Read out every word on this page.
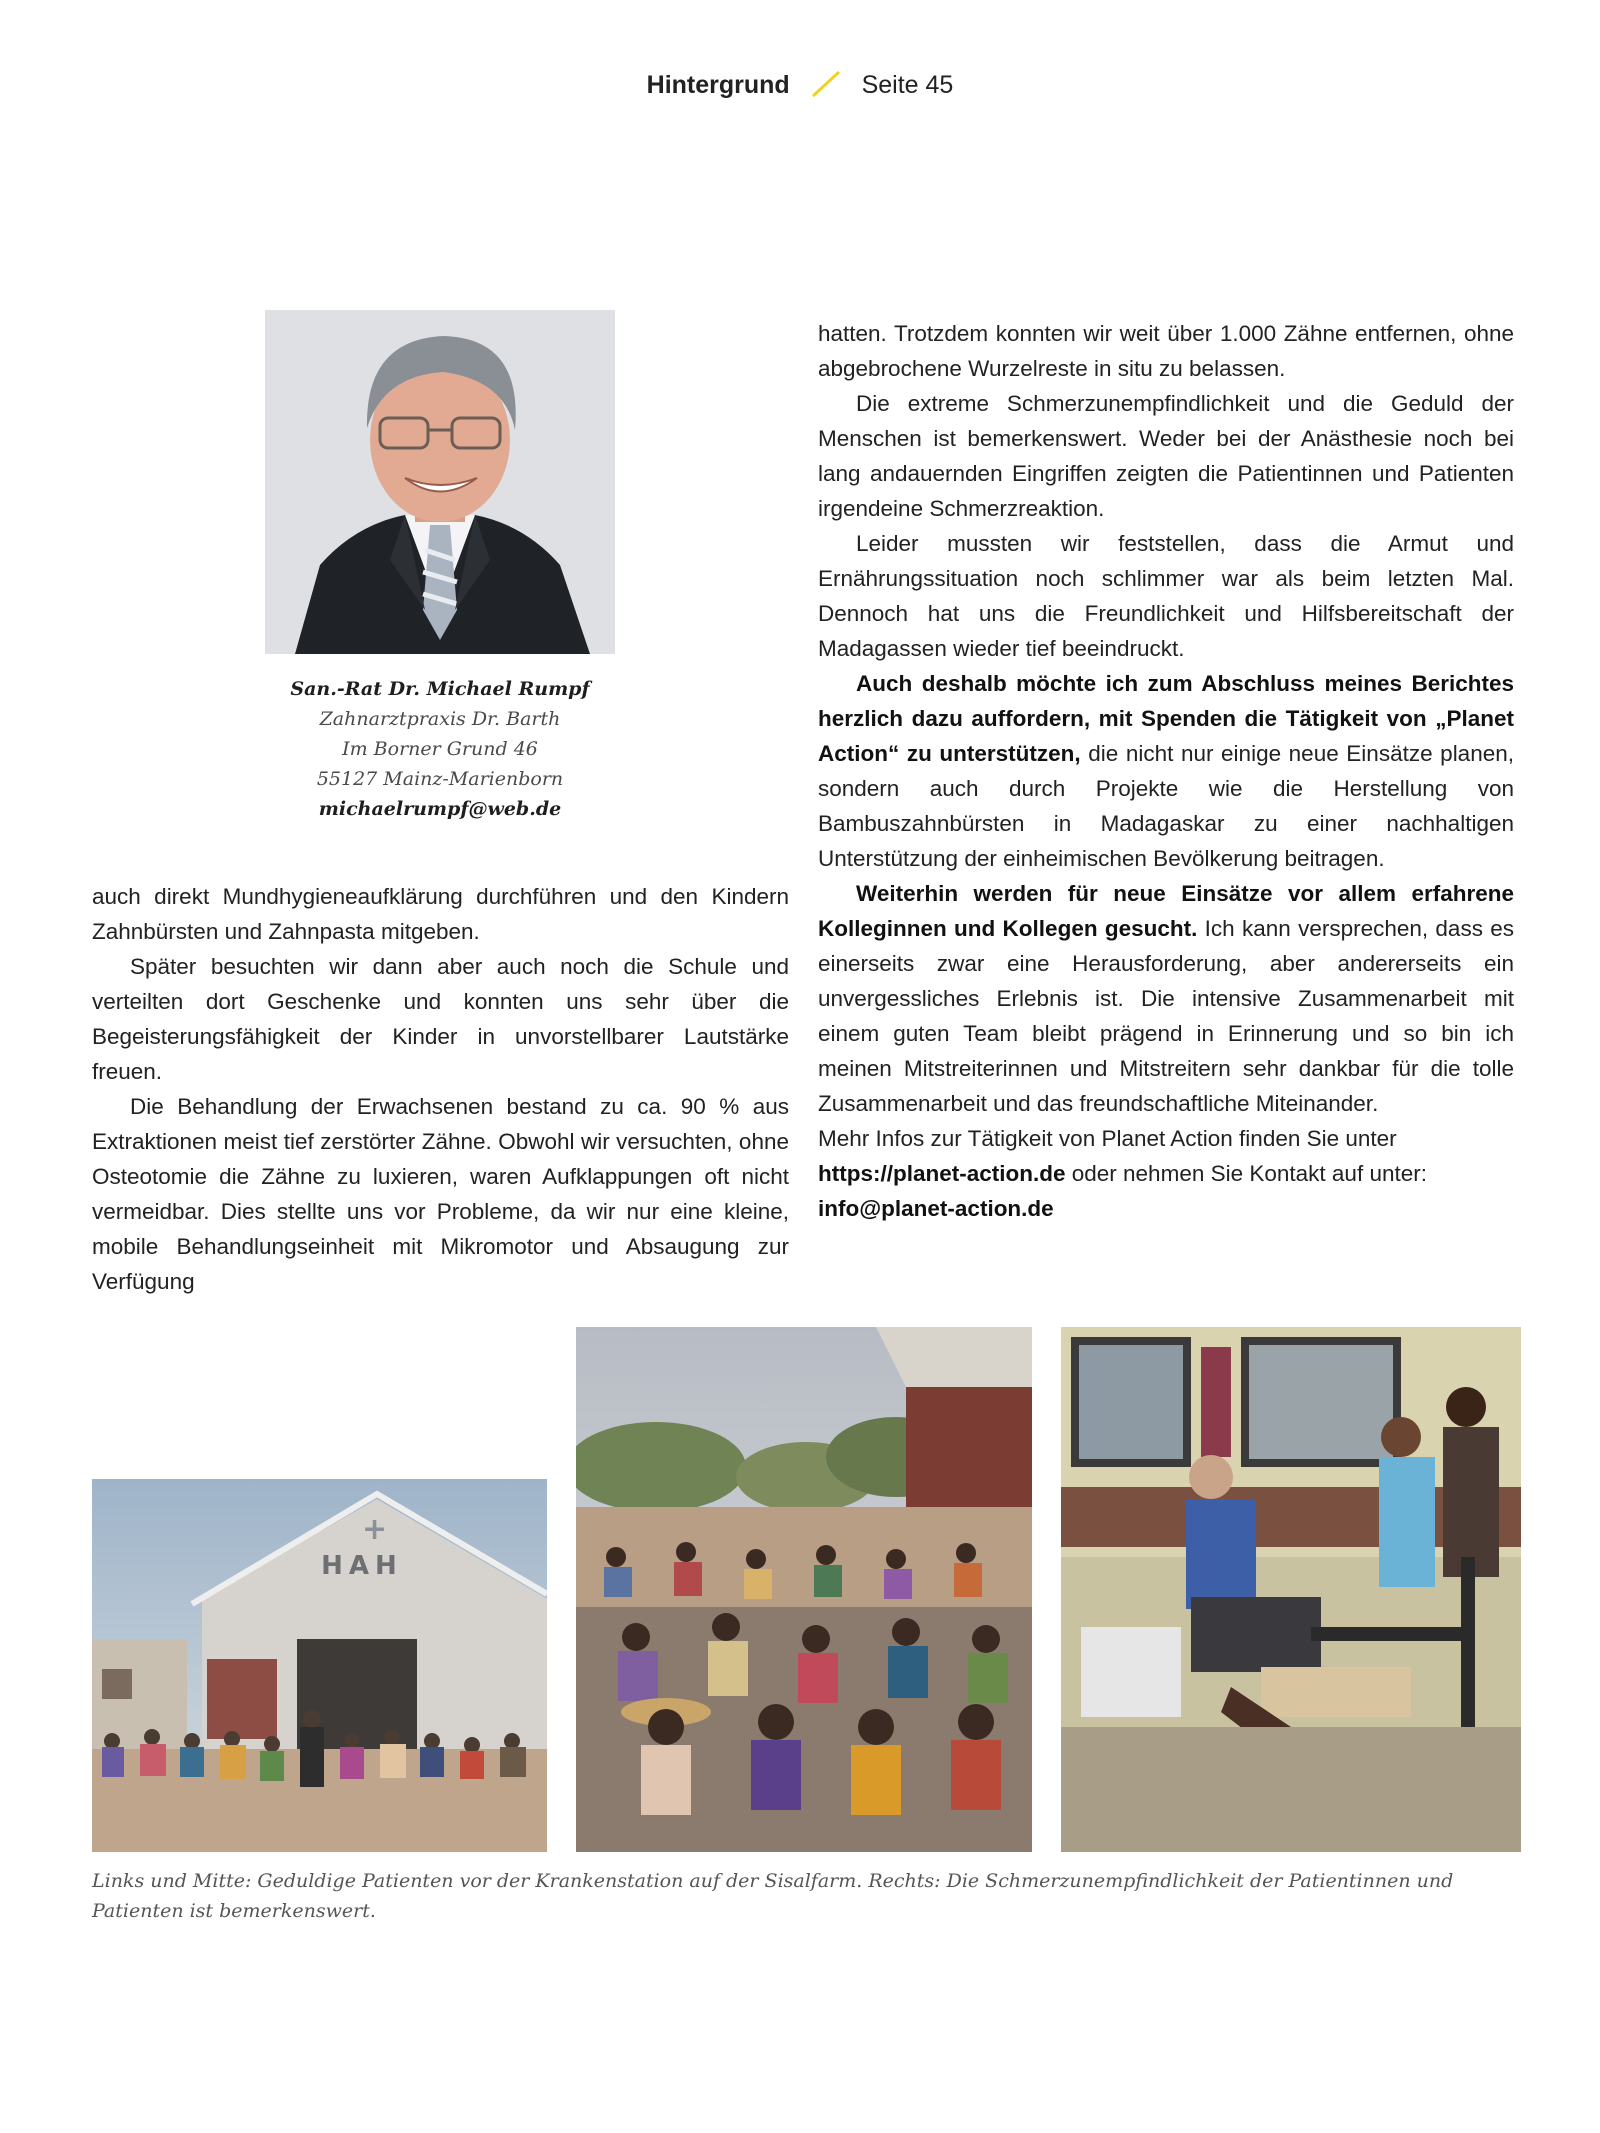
Hintergrund	Seite 45
San.-Rat Dr. Michael Rumpf
Zahnarztpraxis Dr. Barth
Im Borner Grund 46
55127 Mainz-Marienborn
michaelrumpf@web.de

auch direkt Mundhygieneaufklärung durchführen und den Kindern Zahnbürsten und Zahnpasta mitgeben.

Später besuchten wir dann aber auch noch die Schule und verteilten dort Geschenke und konnten uns sehr über die Begeisterungsfähigkeit der Kinder in unvorstellbarer Lautstärke freuen.

Die Behandlung der Erwachsenen bestand zu ca. 90 % aus Extraktionen meist tief zerstörter Zähne. Obwohl wir versuchten, ohne Osteotomie die Zähne zu luxieren, waren Aufklappungen oft nicht vermeidbar. Dies stellte uns vor Probleme, da wir nur eine kleine, mobile Behandlungseinheit mit Mikromotor und Absaugung zur Verfügung

hatten. Trotzdem konnten wir weit über 1.000 Zähne entfernen, ohne abgebrochene Wurzelreste in situ zu belassen.

Die extreme Schmerzunempfindlichkeit und die Geduld der Menschen ist bemerkenswert. Weder bei der Anästhesie noch bei lang andauernden Eingriffen zeigten die Patientinnen und Patienten irgendeine Schmerzreaktion.

Leider mussten wir feststellen, dass die Armut und Ernährungssituation noch schlimmer war als beim letzten Mal. Dennoch hat uns die Freundlichkeit und Hilfsbereitschaft der Madagassen wieder tief beeindruckt.

Auch deshalb möchte ich zum Abschluss meines Berichtes herzlich dazu auffordern, mit Spenden die Tätigkeit von „Planet Action“ zu unterstützen, die nicht nur einige neue Einsätze planen, sondern auch durch Projekte wie die Herstellung von Bambuszahnbürsten in Madagaskar zu einer nachhaltigen Unterstützung der einheimischen Bevölkerung beitragen.

Weiterhin werden für neue Einsätze vor allem erfahrene Kolleginnen und Kollegen gesucht. Ich kann versprechen, dass es einerseits zwar eine Herausforderung, aber andererseits ein unvergessliches Erlebnis ist. Die intensive Zusammenarbeit mit einem guten Team bleibt prägend in Erinnerung und so bin ich meinen Mitstreiterinnen und Mitstreitern sehr dankbar für die tolle Zusammenarbeit und das freundschaftliche Miteinander.

Mehr Infos zur Tätigkeit von Planet Action finden Sie unter

https://planet-action.de oder nehmen Sie Kontakt auf unter:

info@planet-action.de

+
HAH
Links und Mitte: Geduldige Patienten vor der Krankenstation auf der Sisalfarm. Rechts: Die Schmerzunempfindlichkeit der Patientinnen und Patienten ist bemerkenswert.
